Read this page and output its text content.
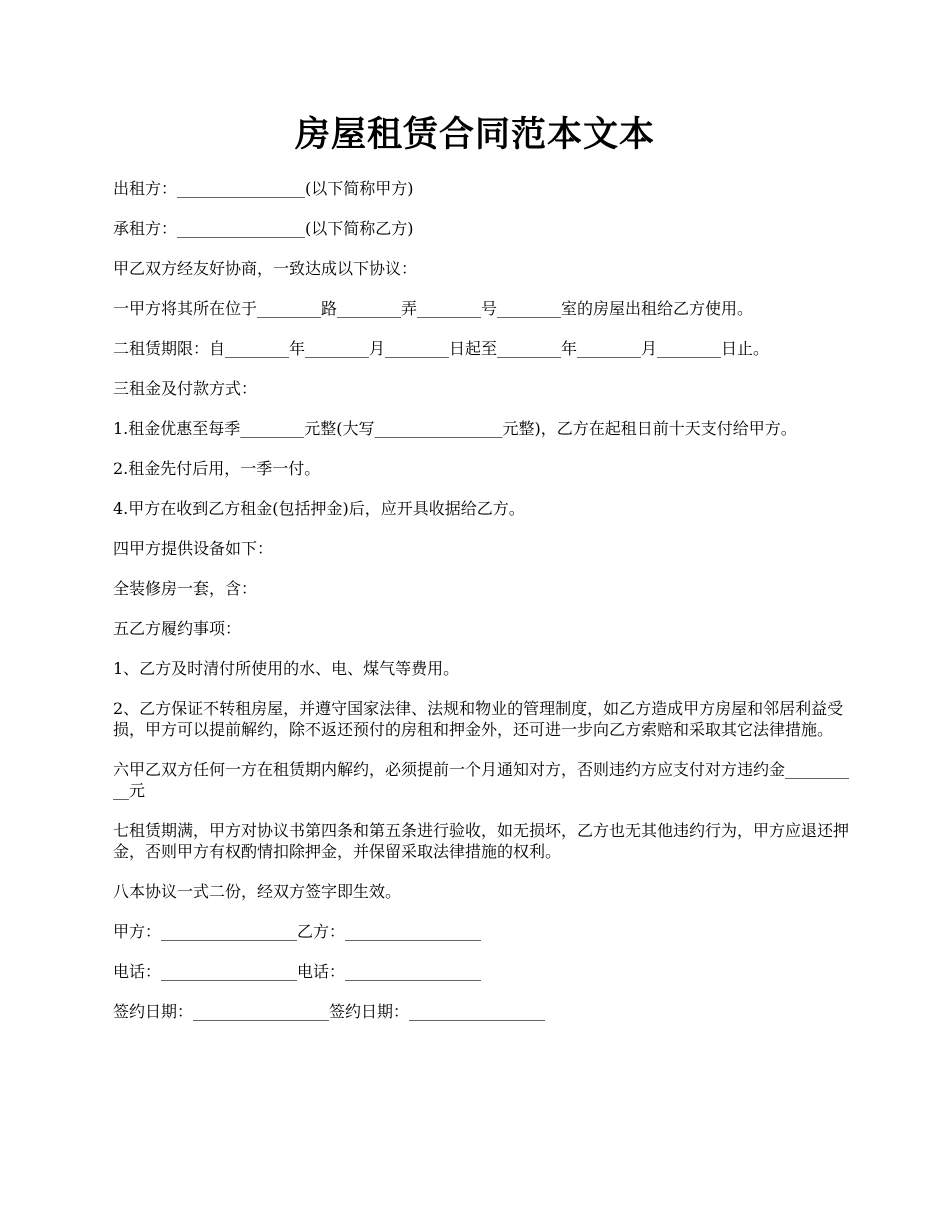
房屋租赁合同范本文本

出租方：________________(以下简称甲方)

承租方：________________(以下简称乙方)

甲乙双方经友好协商，一致达成以下协议：

一甲方将其所在位于________路________弄________号________室的房屋出租给乙方使用。

二租赁期限：自________年________月________日起至________年________月________日止。

三租金及付款方式：

1.租金优惠至每季________元整(大写________________元整)，乙方在起租日前十天支付给甲方。

2.租金先付后用，一季一付。

4.甲方在收到乙方租金(包括押金)后，应开具收据给乙方。

四甲方提供设备如下：

全装修房一套，含：

五乙方履约事项：

1、乙方及时清付所使用的水、电、煤气等费用。

2、乙方保证不转租房屋，并遵守国家法律、法规和物业的管理制度，如乙方造成甲方房屋和邻居利益受损，甲方可以提前解约，除不返还预付的房租和押金外，还可进一步向乙方索赔和采取其它法律措施。

六甲乙双方任何一方在租赁期内解约，必须提前一个月通知对方，否则违约方应支付对方违约金__________元

七租赁期满，甲方对协议书第四条和第五条进行验收，如无损坏，乙方也无其他违约行为，甲方应退还押金，否则甲方有权酌情扣除押金，并保留采取法律措施的权利。

八本协议一式二份，经双方签字即生效。

甲方：_________________乙方：_________________

电话：_________________电话：_________________

签约日期：_________________签约日期：_________________
